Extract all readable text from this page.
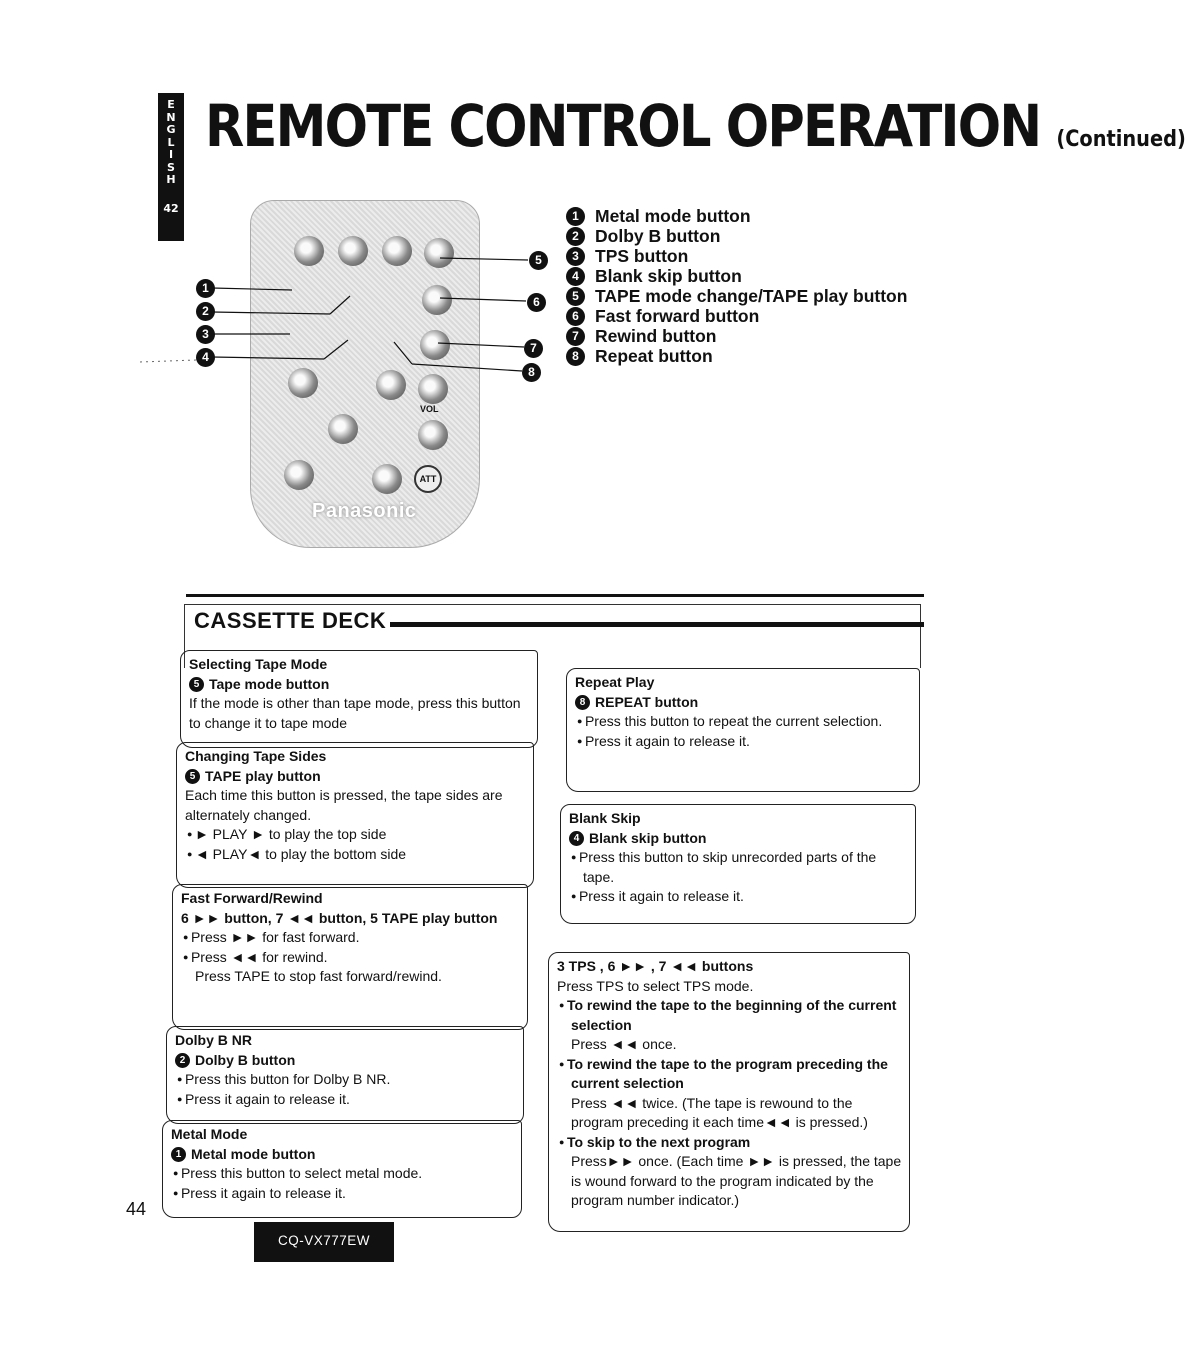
E
N
G
L
I
S
H
42
REMOTE CONTROL OPERATION (Continued)
VOL
ATT
Panasonic
1
2
3
4
5
6
7
8
1 Metal mode button
2 Dolby B button
3 TPS button
4 Blank skip button
5 TAPE mode change/TAPE play button
6 Fast forward button
7 Rewind button
8 Repeat button
CASSETTE DECK
Selecting Tape Mode
5 Tape mode button

If the mode is other than tape mode, press this button to change it to tape mode

Changing Tape Sides
5 TAPE play button

Each time this button is pressed, the tape sides are alternately changed.

● ► PLAY ► to play the top side

● ◄ PLAY◄ to play the bottom side

Fast Forward/Rewind

6 ►► button, 7 ◄◄ button, 5 TAPE play button

● Press ►► for fast forward.

● Press ◄◄ for rewind.

Press TAPE to stop fast forward/rewind.

Dolby B NR
2 Dolby B button

● Press this button for Dolby B NR.

● Press it again to release it.

Metal Mode
1 Metal mode button

● Press this button to select metal mode.

● Press it again to release it.

Repeat Play
8 REPEAT button

● Press this button to repeat the current selection.

● Press it again to release it.

Blank Skip
4 Blank skip button

● Press this button to skip unrecorded parts of the tape.

● Press it again to release it.

3 TPS , 6 ►► , 7 ◄◄ buttons

Press TPS to select TPS mode.

● To rewind the tape to the beginning of the current selection

Press ◄◄ once.

● To rewind the tape to the program preceding the current selection

Press ◄◄ twice. (The tape is rewound to the program preceding it each time◄◄ is pressed.)

● To skip to the next program

Press►► once. (Each time ►► is pressed, the tape is wound forward to the program indicated by the program number indicator.)

44
CQ-VX777EW
